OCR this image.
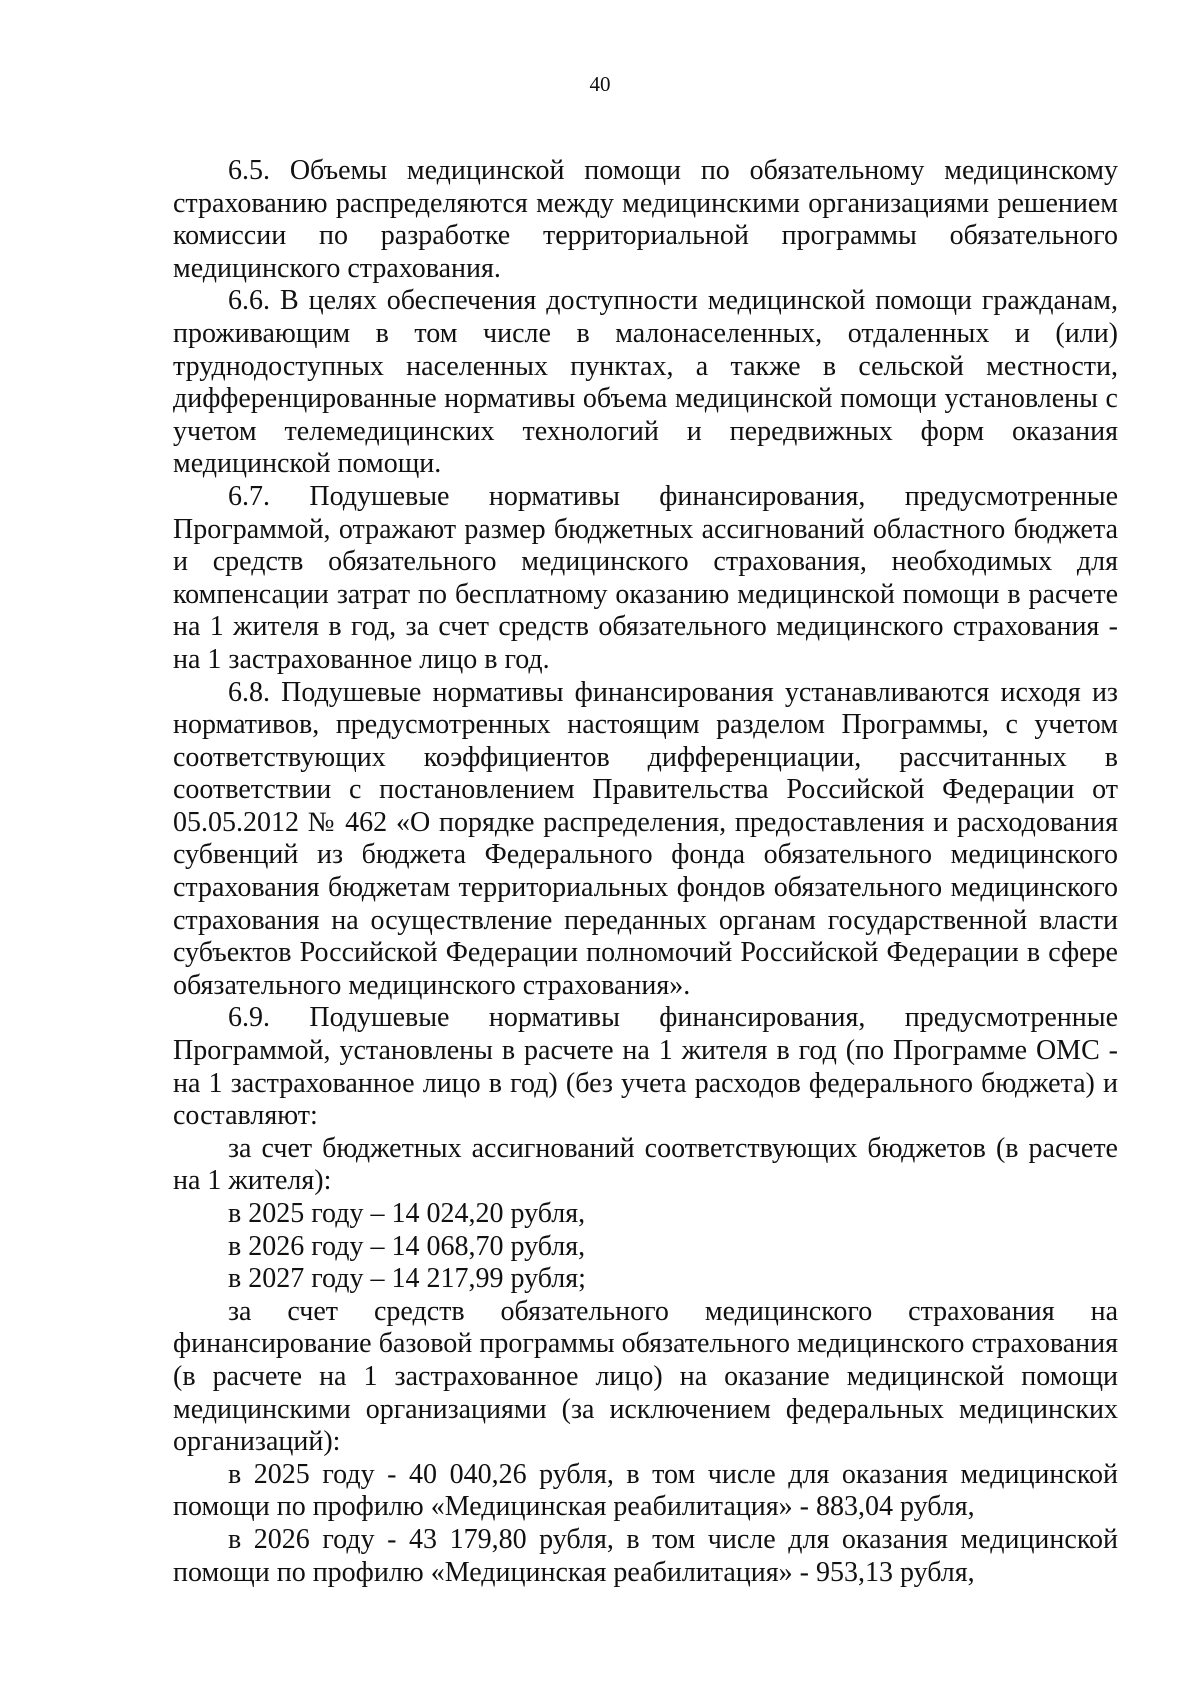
40

6.5. Объемы медицинской помощи по обязательному медицинскому страхованию распределяются между медицинскими организациями решением комиссии по разработке территориальной программы обязательного медицинского страхования.

6.6. В целях обеспечения доступности медицинской помощи гражданам, проживающим в том числе в малонаселенных, отдаленных и (или) труднодоступных населенных пунктах, а также в сельской местности, дифференцированные нормативы объема медицинской помощи установлены с учетом телемедицинских технологий и передвижных форм оказания медицинской помощи.

6.7. Подушевые нормативы финансирования, предусмотренные Программой, отражают размер бюджетных ассигнований областного бюджета и средств обязательного медицинского страхования, необходимых для компенсации затрат по бесплатному оказанию медицинской помощи в расчете на 1 жителя в год, за счет средств обязательного медицинского страхования - на 1 застрахованное лицо в год.

6.8. Подушевые нормативы финансирования устанавливаются исходя из нормативов, предусмотренных настоящим разделом Программы, с учетом соответствующих коэффициентов дифференциации, рассчитанных в соответствии с постановлением Правительства Российской Федерации от 05.05.2012 № 462 «О порядке распределения, предоставления и расходования субвенций из бюджета Федерального фонда обязательного медицинского страхования бюджетам территориальных фондов обязательного медицинского страхования на осуществление переданных органам государственной власти субъектов Российской Федерации полномочий Российской Федерации в сфере обязательного медицинского страхования».

6.9. Подушевые нормативы финансирования, предусмотренные Программой, установлены в расчете на 1 жителя в год (по Программе ОМС - на 1 застрахованное лицо в год) (без учета расходов федерального бюджета) и составляют:

за счет бюджетных ассигнований соответствующих бюджетов (в расчете на 1 жителя):

в 2025 году – 14 024,20 рубля,

в 2026 году – 14 068,70 рубля,

в 2027 году – 14 217,99 рубля;

за счет средств обязательного медицинского страхования на финансирование базовой программы обязательного медицинского страхования (в расчете на 1 застрахованное лицо) на оказание медицинской помощи медицинскими организациями (за исключением федеральных медицинских организаций):

в 2025 году - 40 040,26 рубля, в том числе для оказания медицинской помощи по профилю «Медицинская реабилитация» - 883,04 рубля,

в 2026 году - 43 179,80 рубля, в том числе для оказания медицинской помощи по профилю «Медицинская реабилитация» - 953,13 рубля,
